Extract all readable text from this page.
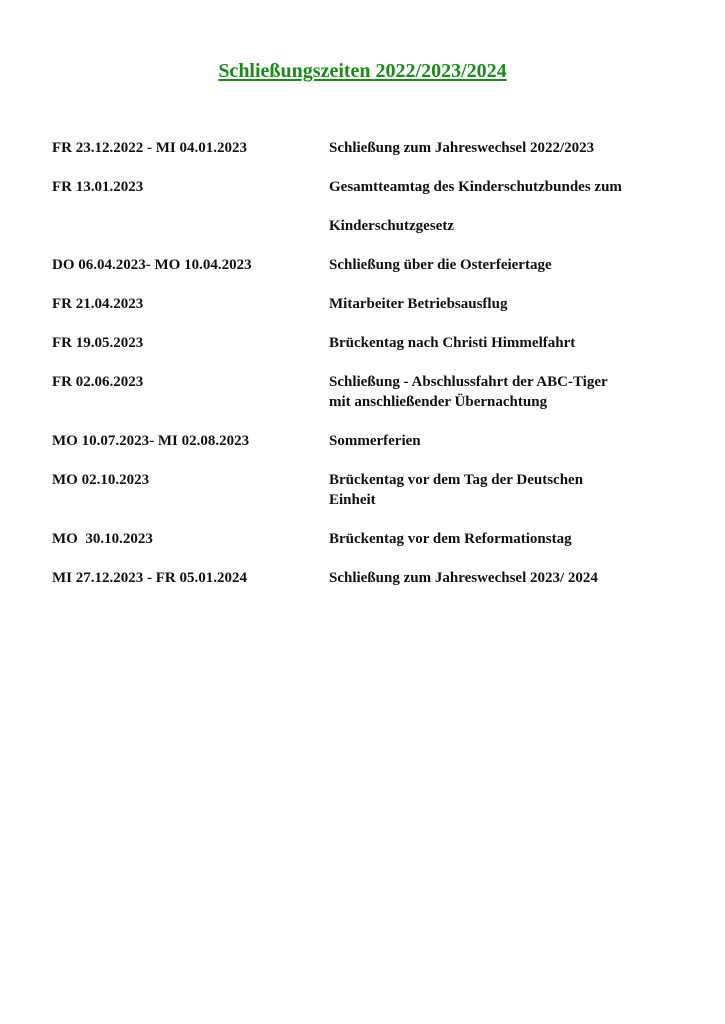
Schließungszeiten 2022/2023/2024
FR 23.12.2022 - MI 04.01.2023	Schließung zum Jahreswechsel 2022/2023
FR 13.01.2023	Gesamtteamtag des Kinderschutzbundes zum
Kinderschutzgesetz
DO 06.04.2023- MO 10.04.2023	Schließung über die Osterfeiertage
FR 21.04.2023	Mitarbeiter Betriebsausflug
FR 19.05.2023	Brückentag nach Christi Himmelfahrt
FR 02.06.2023	Schließung - Abschlussfahrt der ABC-Tiger
mit anschließender Übernachtung
MO 10.07.2023- MI 02.08.2023	Sommerferien
MO 02.10.2023	Brückentag vor dem Tag der Deutschen
Einheit
MO  30.10.2023	Brückentag vor dem Reformationstag
MI 27.12.2023 - FR 05.01.2024	Schließung zum Jahreswechsel 2023/ 2024
